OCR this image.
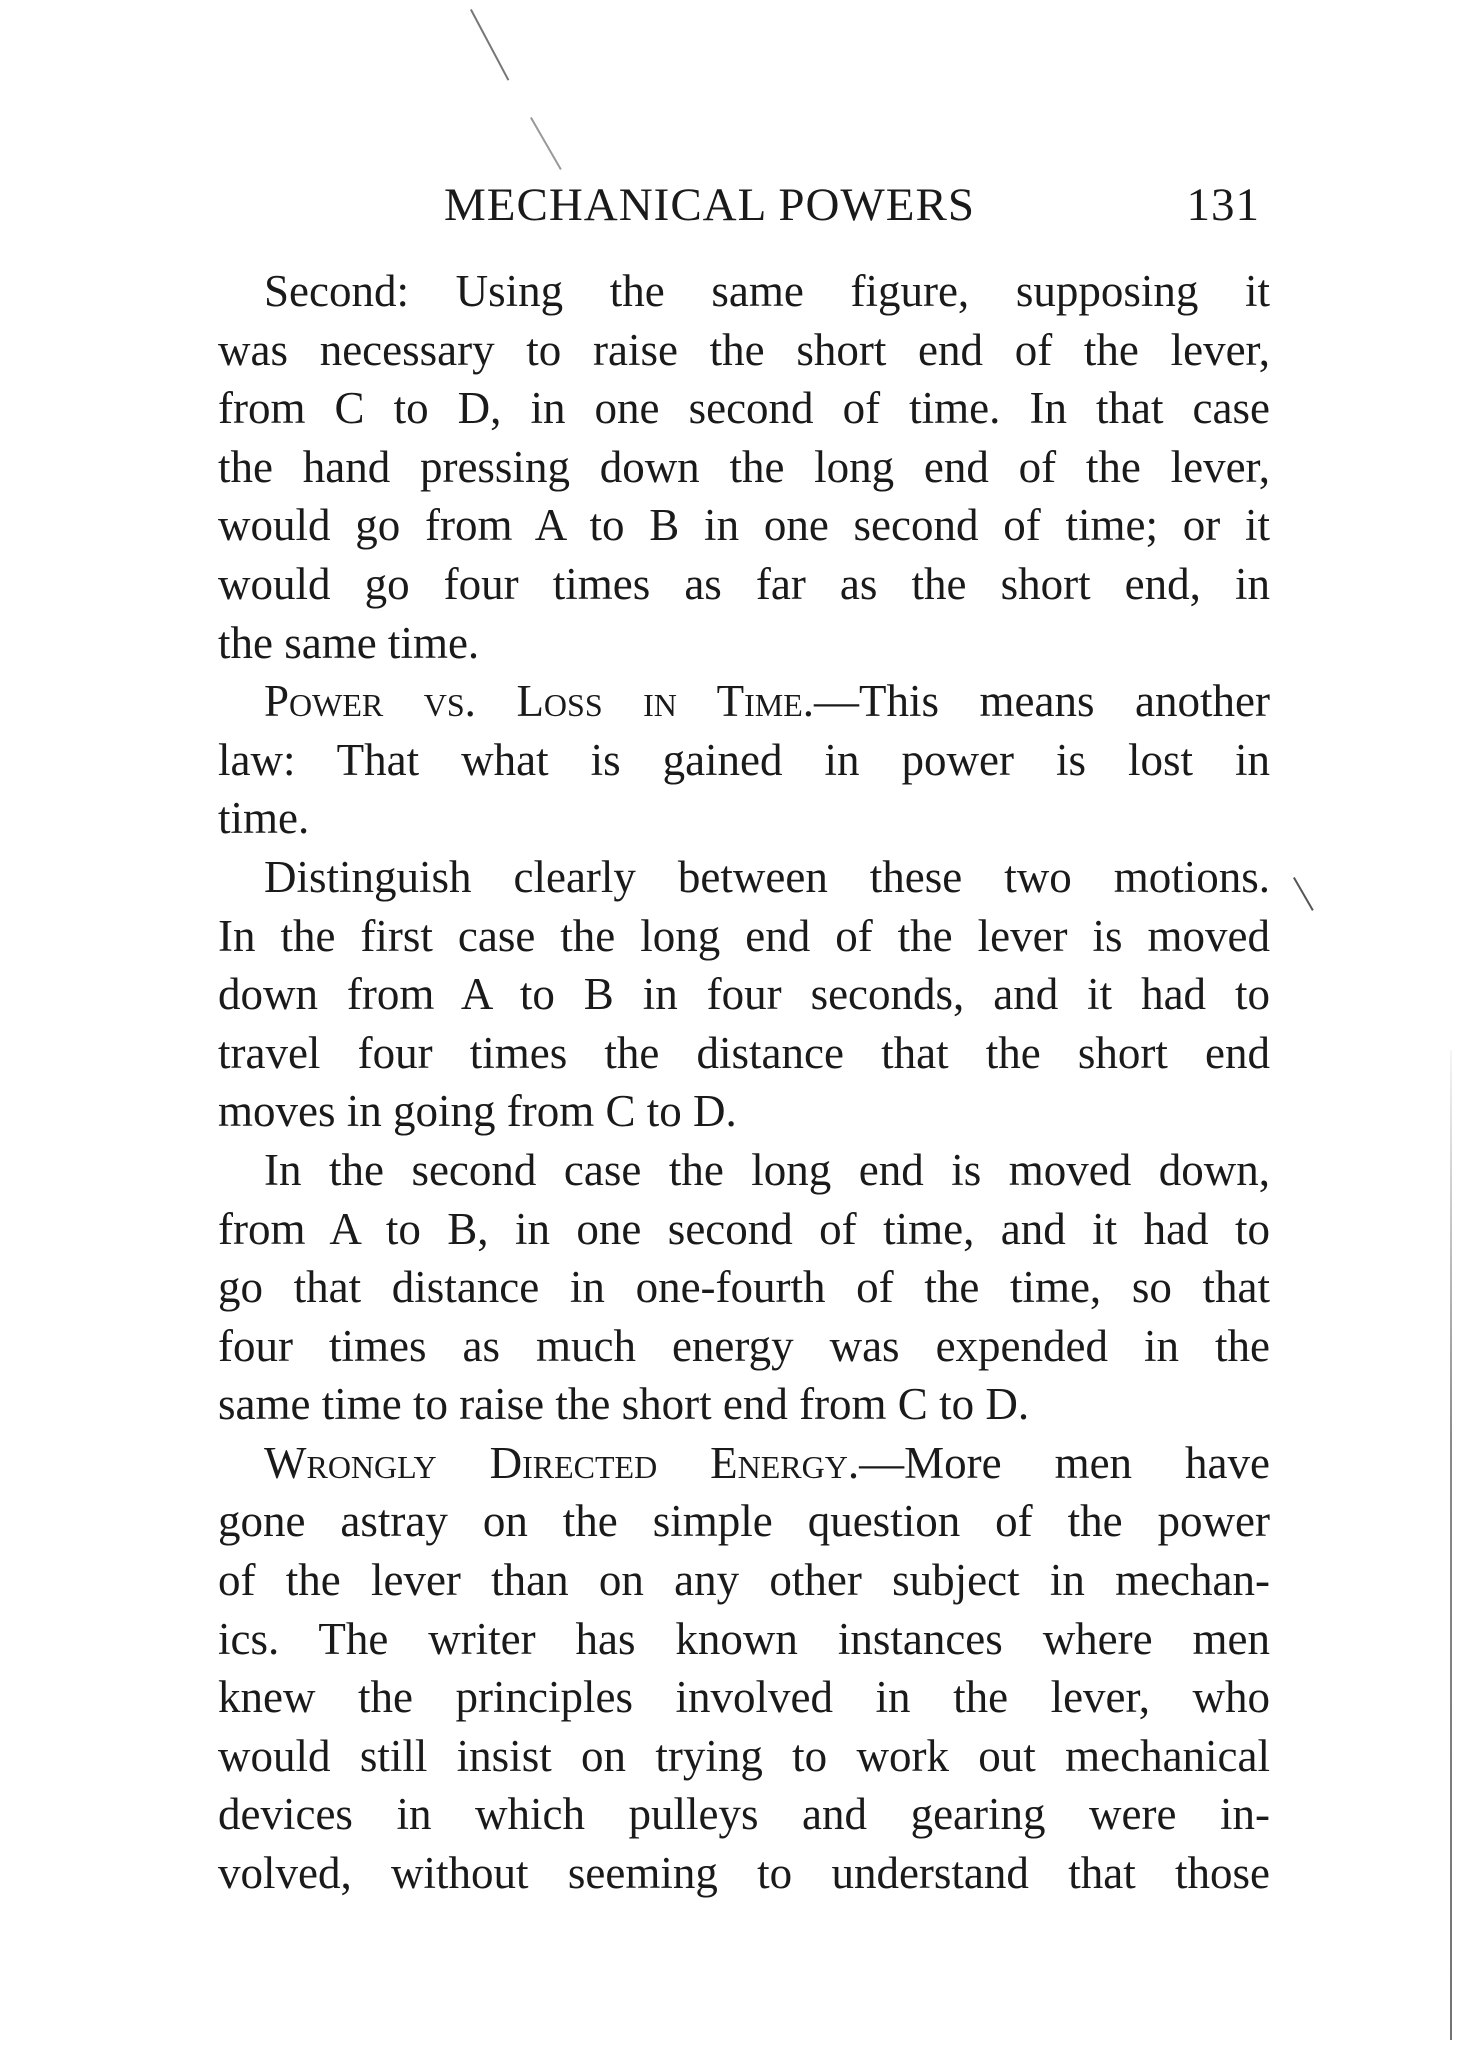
MECHANICAL POWERS	131
Second: Using the same figure, supposing it
was necessary to raise the short end of the lever,
from C to D, in one second of time. In that case
the hand pressing down the long end of the lever,
would go from A to B in one second of time; or it
would go four times as far as the short end, in
the same time.
Power vs. Loss in Time.—This means another
law: That what is gained in power is lost in
time.
Distinguish clearly between these two motions.
In the first case the long end of the lever is moved
down from A to B in four seconds, and it had to
travel four times the distance that the short end
moves in going from C to D.
In the second case the long end is moved down,
from A to B, in one second of time, and it had to
go that distance in one-fourth of the time, so that
four times as much energy was expended in the
same time to raise the short end from C to D.
Wrongly Directed Energy.—More men have
gone astray on the simple question of the power
of the lever than on any other subject in mechan-
ics. The writer has known instances where men
knew the principles involved in the lever, who
would still insist on trying to work out mechanical
devices in which pulleys and gearing were in-
volved, without seeming to understand that those
